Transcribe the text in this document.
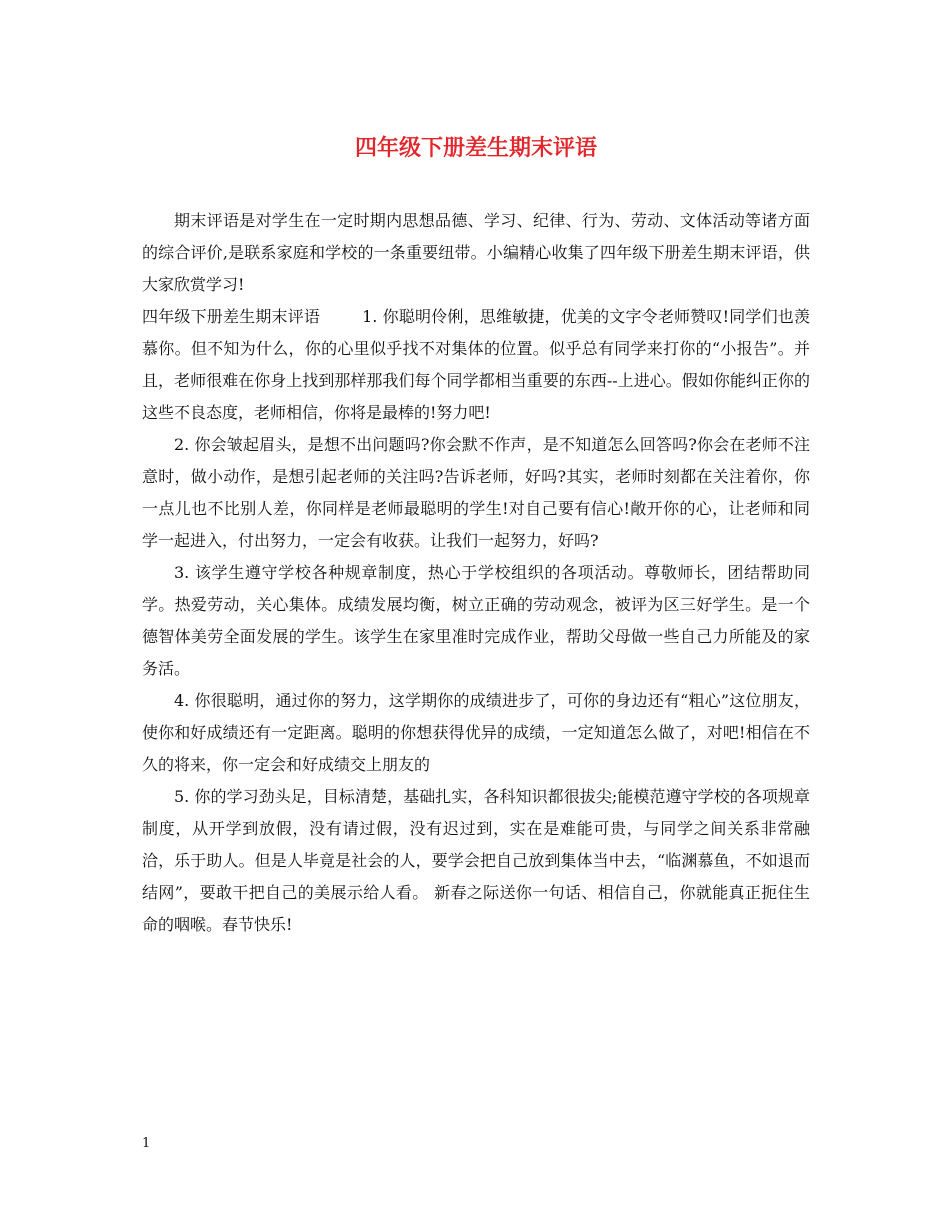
四年级下册差生期末评语

期末评语是对学生在一定时期内思想品德、学习、纪律、行为、劳动、文体活动等诸方面的综合评价,是联系家庭和学校的一条重要纽带。小编精心收集了四年级下册差生期末评语，供大家欣赏学习!

四年级下册差生期末评语	1. 你聪明伶俐，思维敏捷，优美的文字令老师赞叹!同学们也羡慕你。但不知为什么，你的心里似乎找不对集体的位置。似乎总有同学来打你的“小报告”。并且，老师很难在你身上找到那样那我们每个同学都相当重要的东西--上进心。假如你能纠正你的这些不良态度，老师相信，你将是最棒的!努力吧!

2. 你会皱起眉头，是想不出问题吗?你会默不作声，是不知道怎么回答吗?你会在老师不注意时，做小动作，是想引起老师的关注吗?告诉老师，好吗?其实，老师时刻都在关注着你，你一点儿也不比别人差，你同样是老师最聪明的学生!对自己要有信心!敞开你的心，让老师和同学一起进入，付出努力，一定会有收获。让我们一起努力，好吗?

3. 该学生遵守学校各种规章制度，热心于学校组织的各项活动。尊敬师长，团结帮助同学。热爱劳动，关心集体。成绩发展均衡，树立正确的劳动观念，被评为区三好学生。是一个德智体美劳全面发展的学生。该学生在家里准时完成作业，帮助父母做一些自己力所能及的家务活。

4. 你很聪明，通过你的努力，这学期你的成绩进步了，可你的身边还有“粗心”这位朋友，使你和好成绩还有一定距离。聪明的你想获得优异的成绩，一定知道怎么做了，对吧!相信在不久的将来，你一定会和好成绩交上朋友的

5. 你的学习劲头足，目标清楚，基础扎实，各科知识都很拔尖;能模范遵守学校的各项规章制度，从开学到放假，没有请过假，没有迟过到，实在是难能可贵，与同学之间关系非常融洽，乐于助人。但是人毕竟是社会的人，要学会把自己放到集体当中去，“临渊慕鱼，不如退而结网”，要敢干把自己的美展示给人看。 新春之际送你一句话、相信自己，你就能真正扼住生命的咽喉。春节快乐!

1
